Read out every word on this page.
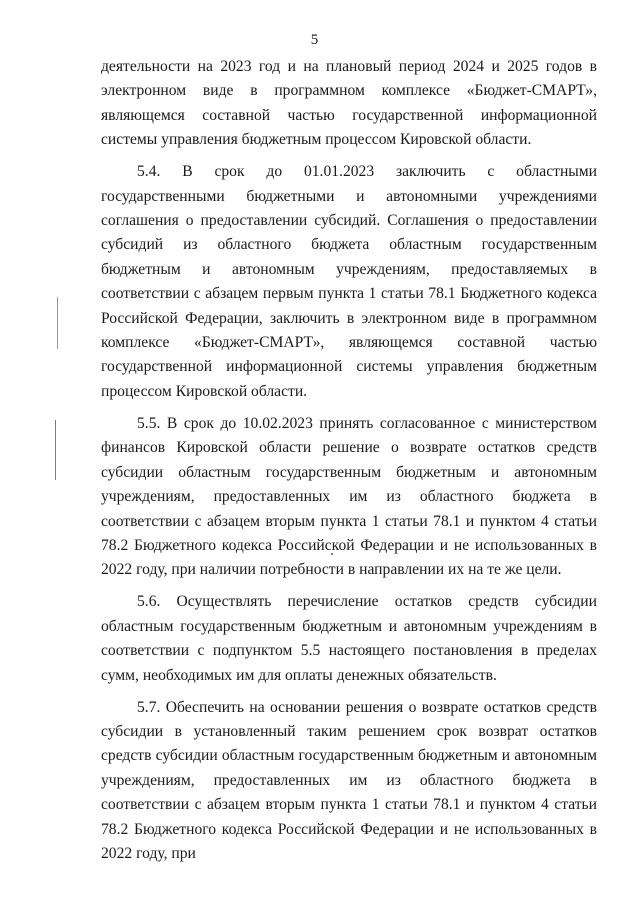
5

деятельности на 2023 год и на плановый период 2024 и 2025 годов в электронном виде в программном комплексе «Бюджет-СМАРТ», являющемся составной частью государственной информационной системы управления бюджетным процессом Кировской области.

5.4. В срок до 01.01.2023 заключить с областными государственными бюджетными и автономными учреждениями соглашения о предоставлении субсидий. Соглашения о предоставлении субсидий из областного бюджета областным государственным бюджетным и автономным учреждениям, предоставляемых в соответствии с абзацем первым пункта 1 статьи 78.1 Бюджетного кодекса Российской Федерации, заключить в электронном виде в программном комплексе «Бюджет-СМАРТ», являющемся составной частью государственной информационной системы управления бюджетным процессом Кировской области.

5.5. В срок до 10.02.2023 принять согласованное с министерством финансов Кировской области решение о возврате остатков средств субсидии областным государственным бюджетным и автономным учреждениям, предоставленных им из областного бюджета в соответствии с абзацем вторым пункта 1 статьи 78.1 и пунктом 4 статьи 78.2 Бюджетного кодекса Российской Федерации и не использованных в 2022 году, при наличии потребности в направлении их на те же цели.

5.6. Осуществлять перечисление остатков средств субсидии областным государственным бюджетным и автономным учреждениям в соответствии с подпунктом 5.5 настоящего постановления в пределах сумм, необходимых им для оплаты денежных обязательств.

5.7. Обеспечить на основании решения о возврате остатков средств субсидии в установленный таким решением срок возврат остатков средств субсидии областным государственным бюджетным и автономным учреждениям, предоставленных им из областного бюджета в соответствии с абзацем вторым пункта 1 статьи 78.1 и пунктом 4 статьи 78.2 Бюджетного кодекса Российской Федерации и не использованных в 2022 году, при
